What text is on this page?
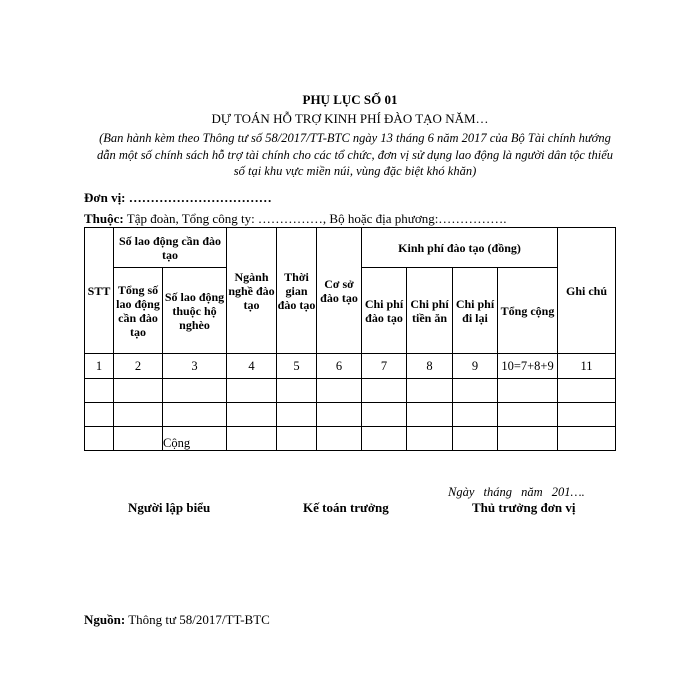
PHỤ LỤC SỐ 01
DỰ TOÁN HỖ TRỢ KINH PHÍ ĐÀO TẠO NĂM…
(Ban hành kèm theo Thông tư số 58/2017/TT-BTC ngày 13 tháng 6 năm 2017 của Bộ Tài chính hướng dẫn một số chính sách hỗ trợ tài chính cho các tổ chức, đơn vị sử dụng lao động là người dân tộc thiểu số tại khu vực miền núi, vùng đặc biệt khó khăn)
Đơn vị: ……………………………
Thuộc: Tập đoàn, Tổng công ty: ……………, Bộ hoặc địa phương:…………….
STT	Số lao động cần đào tạo		Ngành nghề đào tạo	Thời gian đào tạo	Cơ sở đào tạo	Kinh phí đào tạo (đồng)				Ghi chú
	Tổng số lao động cần đào tạo	Số lao động thuộc hộ nghèo				Chi phí đào tạo	Chi phí tiền ăn	Chi phí đi lại	Tổng cộng	
1	2	3	4	5	6	7	8	9	10=7+8+9	11

		Cộng								
Ngày tháng năm 201….
Người lập biểu	Kế toán trưởng	Thủ trưởng đơn vị
Nguồn: Thông tư 58/2017/TT-BTC
